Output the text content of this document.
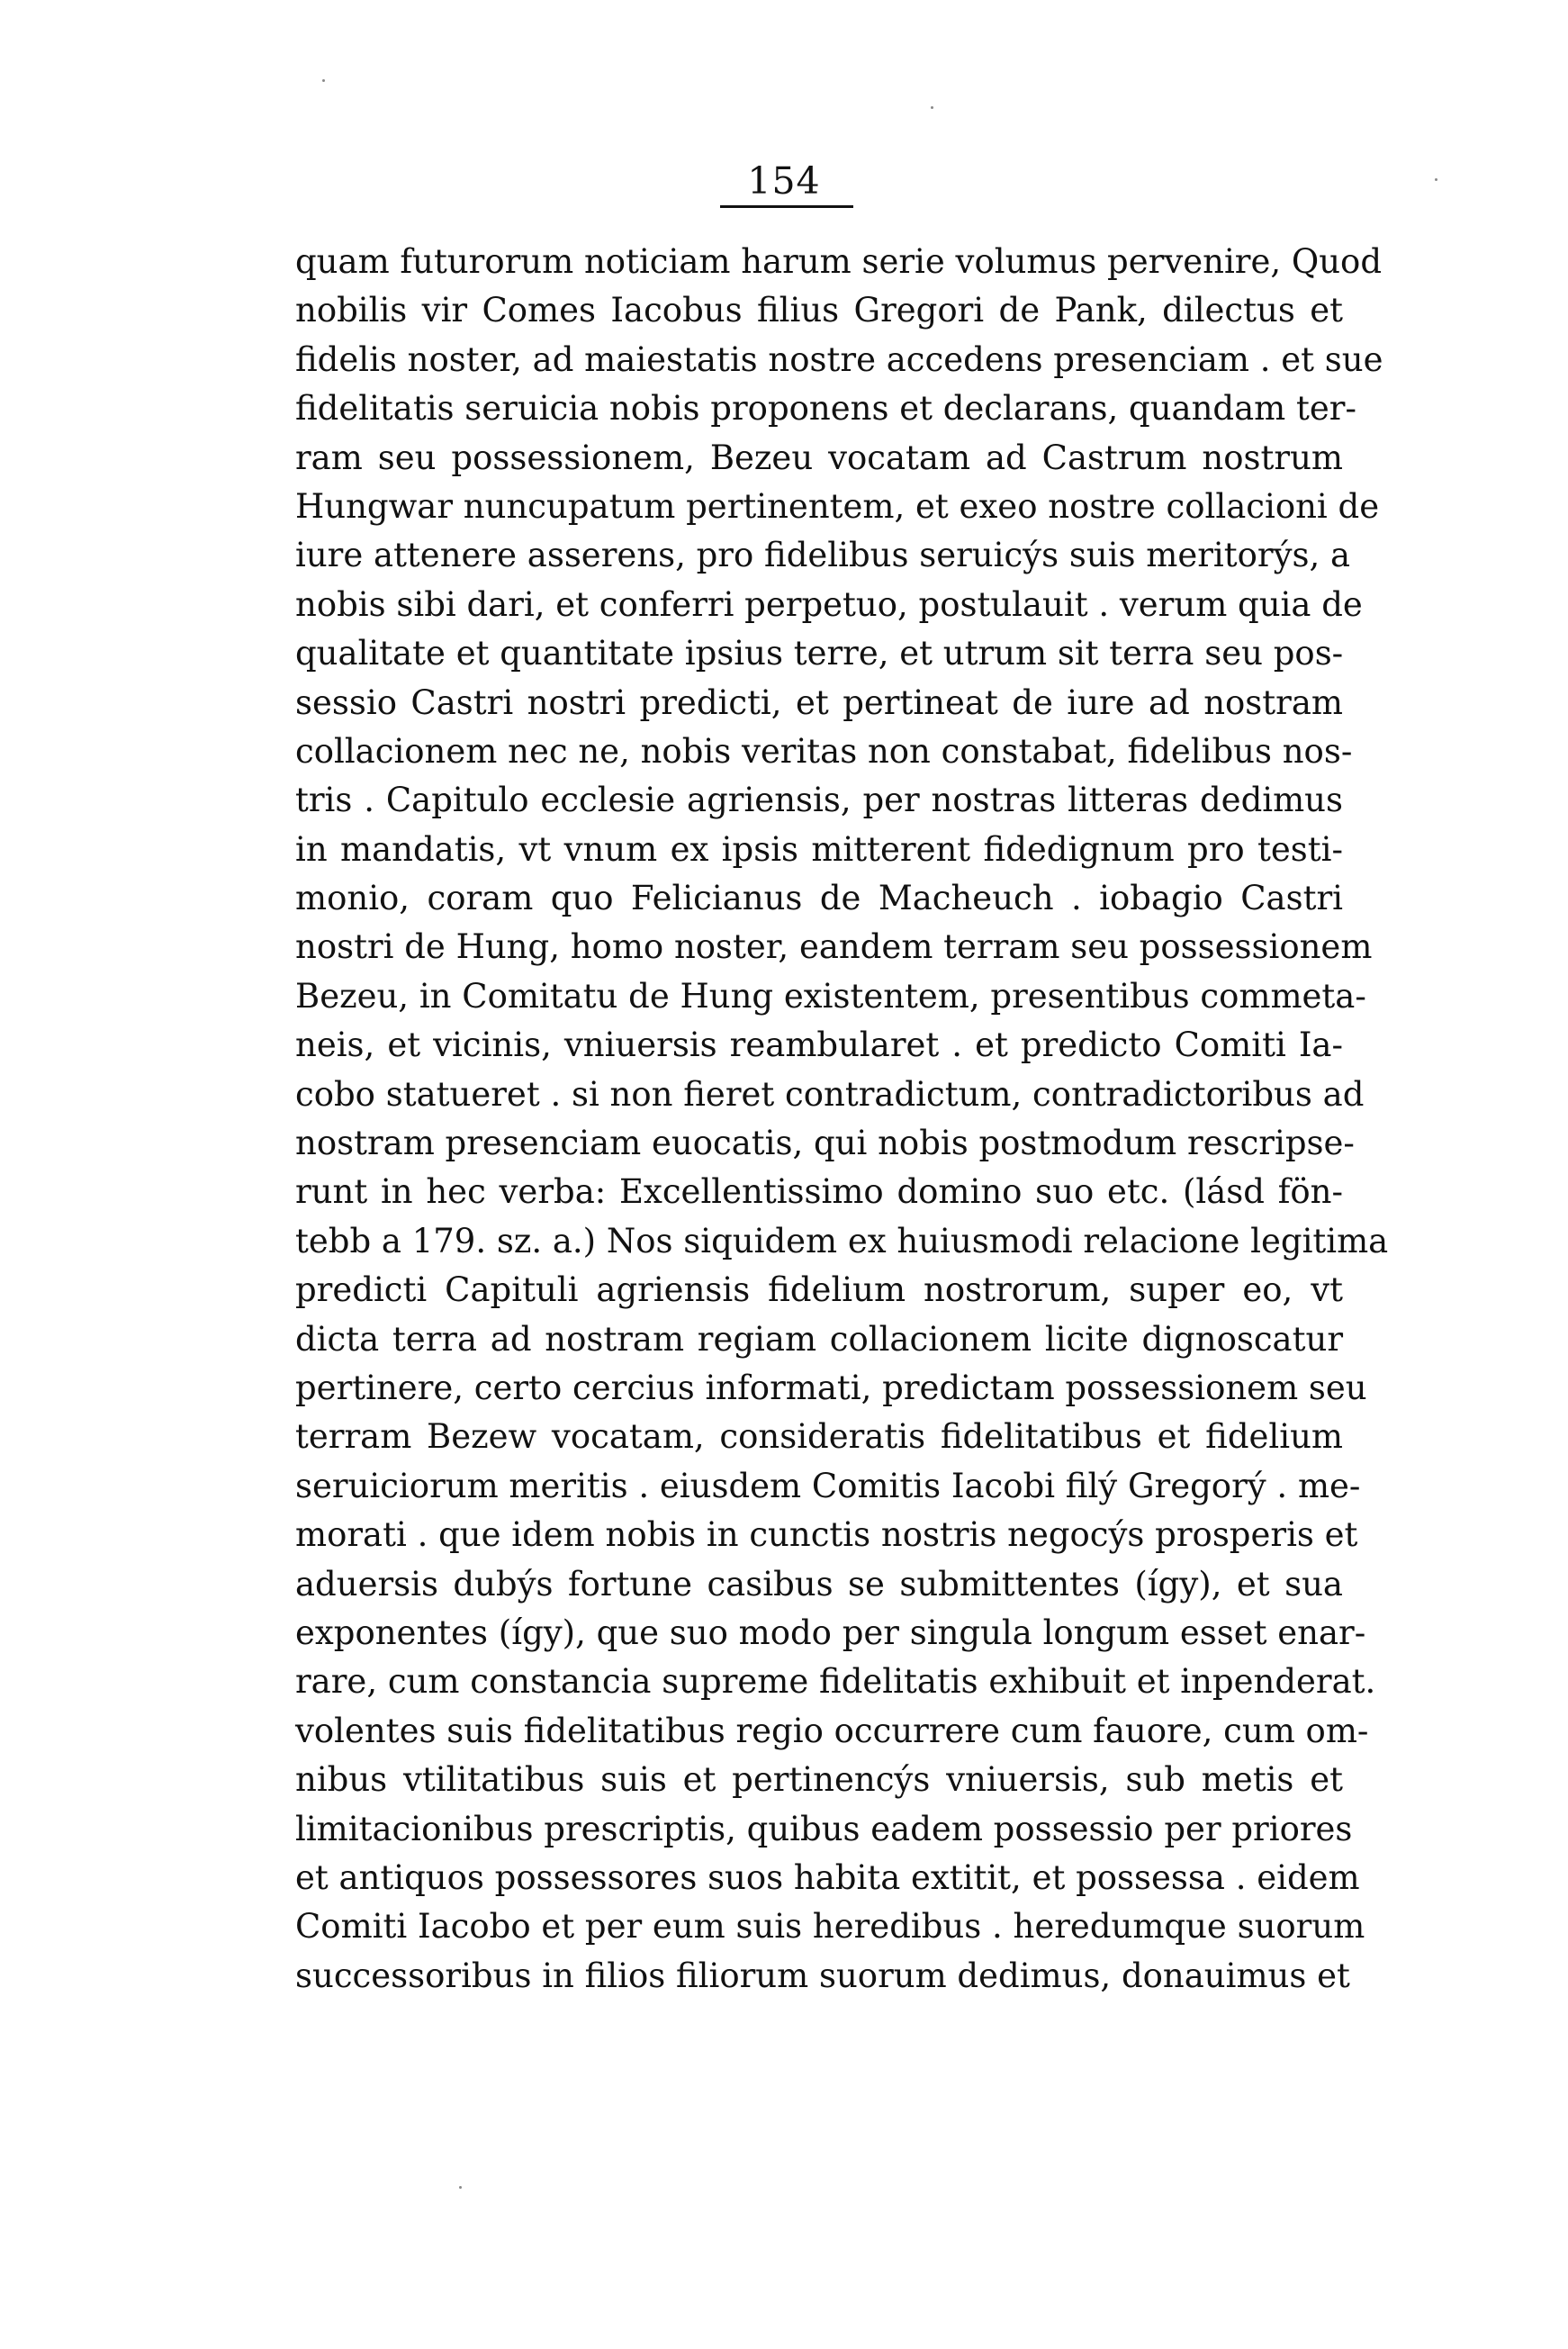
154
quam futurorum noticiam harum serie volumus pervenire, Quod
nobilis vir Comes Iacobus filius Gregori de Pank, dilectus et
fidelis noster, ad maiestatis nostre accedens presenciam . et sue
fidelitatis seruicia nobis proponens et declarans, quandam ter-
ram seu possessionem, Bezeu vocatam ad Castrum nostrum
Hungwar nuncupatum pertinentem, et exeo nostre collacioni de
iure attenere asserens, pro fidelibus seruicýs suis meritorýs, a
nobis sibi dari, et conferri perpetuo, postulauit . verum quia de
qualitate et quantitate ipsius terre, et utrum sit terra seu pos-
sessio Castri nostri predicti, et pertineat de iure ad nostram
collacionem nec ne, nobis veritas non constabat, fidelibus nos-
tris . Capitulo ecclesie agriensis, per nostras litteras dedimus
in mandatis, vt vnum ex ipsis mitterent fidedignum pro testi-
monio, coram quo Felicianus de Macheuch . iobagio Castri
nostri de Hung, homo noster, eandem terram seu possessionem
Bezeu, in Comitatu de Hung existentem, presentibus commeta-
neis, et vicinis, vniuersis reambularet . et predicto Comiti Ia-
cobo statueret . si non fieret contradictum, contradictoribus ad
nostram presenciam euocatis, qui nobis postmodum rescripse-
runt in hec verba: Excellentissimo domino suo etc. (lásd fön-
tebb a 179. sz. a.) Nos siquidem ex huiusmodi relacione legitima
predicti Capituli agriensis fidelium nostrorum, super eo, vt
dicta terra ad nostram regiam collacionem licite dignoscatur
pertinere, certo cercius informati, predictam possessionem seu
terram Bezew vocatam, consideratis fidelitatibus et fidelium
seruiciorum meritis . eiusdem Comitis Iacobi filý Gregorý . me-
morati . que idem nobis in cunctis nostris negocýs prosperis et
aduersis dubýs fortune casibus se submittentes (így), et sua
exponentes (így), que suo modo per singula longum esset enar-
rare, cum constancia supreme fidelitatis exhibuit et inpenderat.
volentes suis fidelitatibus regio occurrere cum fauore, cum om-
nibus vtilitatibus suis et pertinencýs vniuersis, sub metis et
limitacionibus prescriptis, quibus eadem possessio per priores
et antiquos possessores suos habita extitit, et possessa . eidem
Comiti Iacobo et per eum suis heredibus . heredumque suorum
successoribus in filios filiorum suorum dedimus, donauimus et
